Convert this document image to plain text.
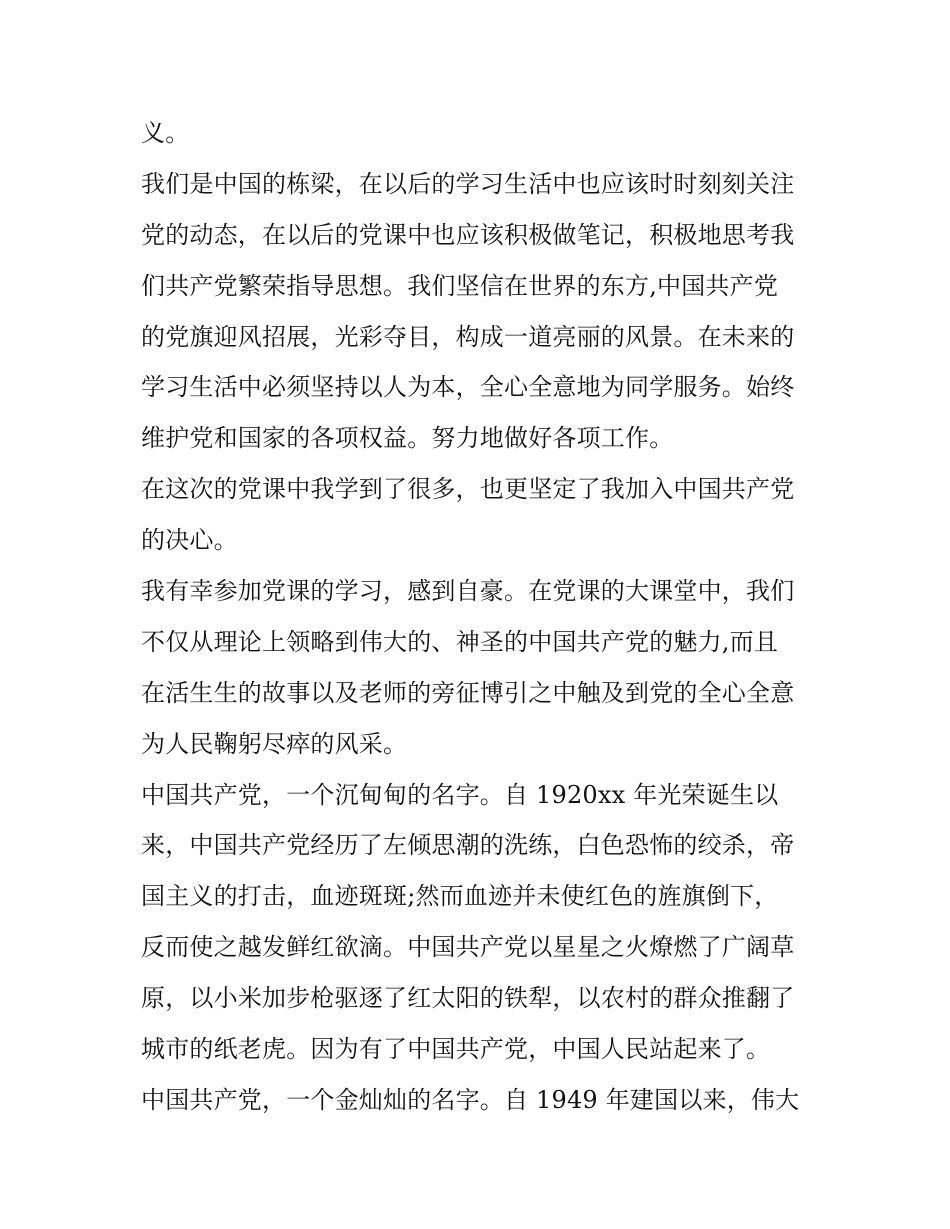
义。
我们是中国的栋梁，在以后的学习生活中也应该时时刻刻关注
党的动态，在以后的党课中也应该积极做笔记，积极地思考我
们共产党繁荣指导思想。我们坚信在世界的东方,中国共产党
的党旗迎风招展，光彩夺目，构成一道亮丽的风景。在未来的
学习生活中必须坚持以人为本，全心全意地为同学服务。始终
维护党和国家的各项权益。努力地做好各项工作。
在这次的党课中我学到了很多，也更坚定了我加入中国共产党
的决心。
我有幸参加党课的学习，感到自豪。在党课的大课堂中，我们
不仅从理论上领略到伟大的、神圣的中国共产党的魅力,而且
在活生生的故事以及老师的旁征博引之中触及到党的全心全意
为人民鞠躬尽瘁的风采。
中国共产党，一个沉甸甸的名字。自 1920xx 年光荣诞生以
来，中国共产党经历了左倾思潮的洗练，白色恐怖的绞杀，帝
国主义的打击，血迹斑斑;然而血迹并未使红色的旌旗倒下，
反而使之越发鲜红欲滴。中国共产党以星星之火燎燃了广阔草
原，以小米加步枪驱逐了红太阳的铁犁，以农村的群众推翻了
城市的纸老虎。因为有了中国共产党，中国人民站起来了。
中国共产党，一个金灿灿的名字。自 1949 年建国以来，伟大
